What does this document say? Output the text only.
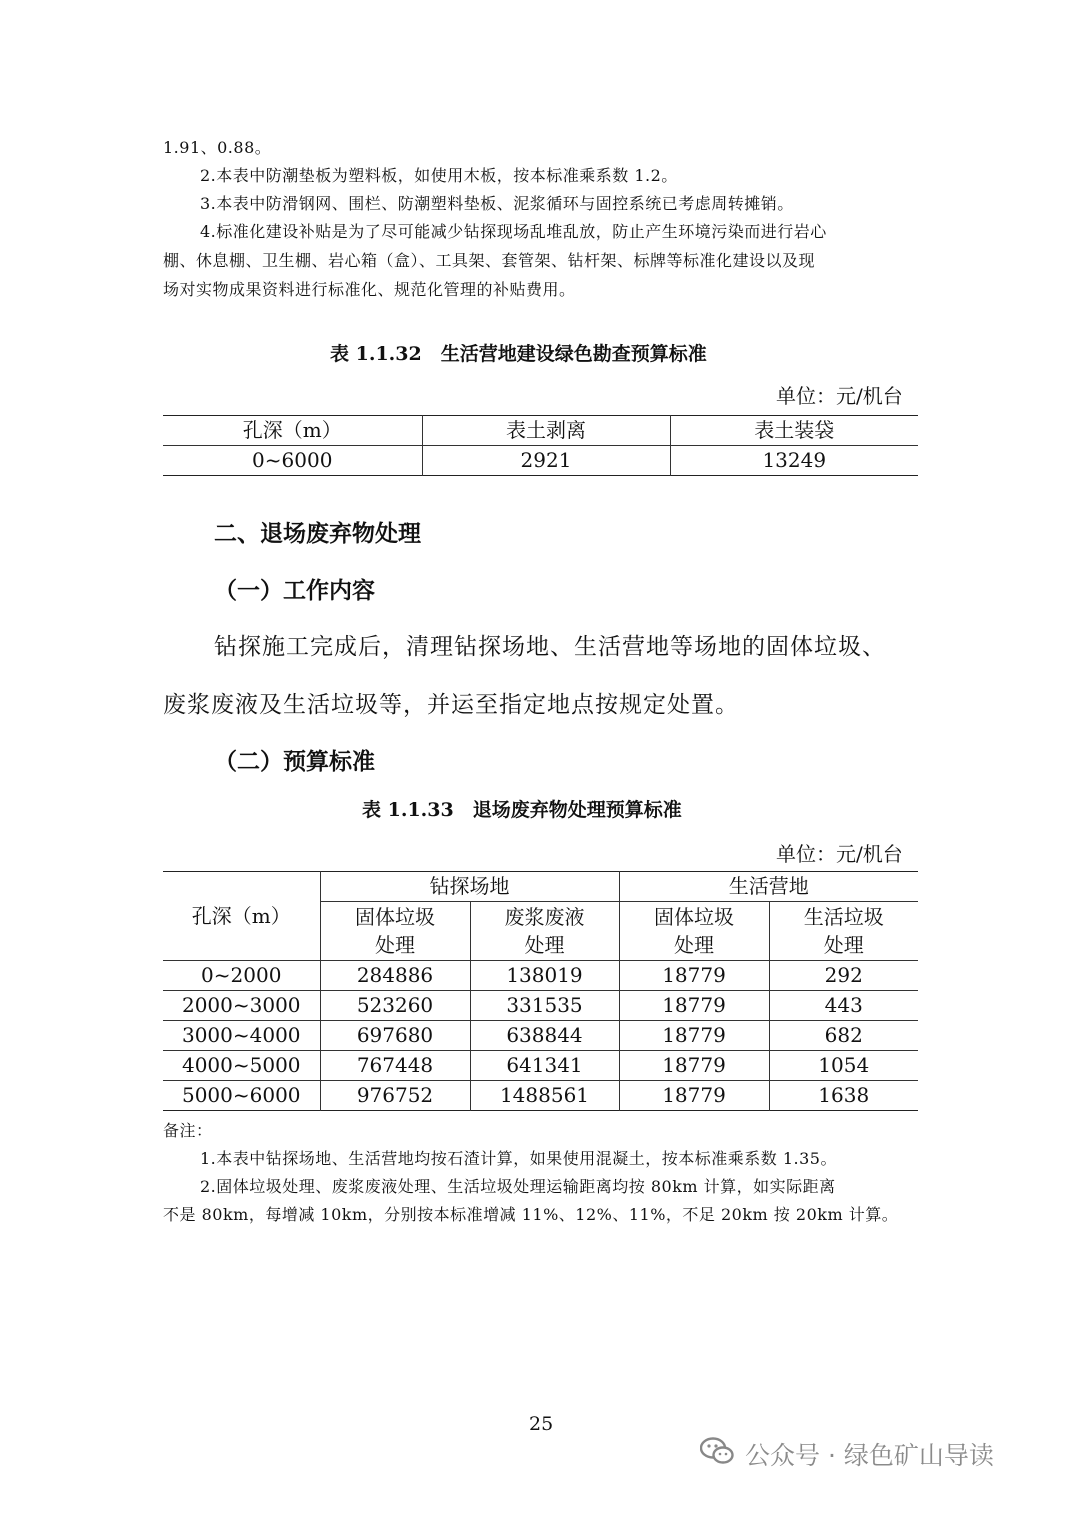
1.91、0.88。
2.本表中防潮垫板为塑料板，如使用木板，按本标准乘系数 1.2。
3.本表中防滑钢网、围栏、防潮塑料垫板、泥浆循环与固控系统已考虑周转摊销。
4.标准化建设补贴是为了尽可能减少钻探现场乱堆乱放，防止产生环境污染而进行岩心
棚、休息棚、卫生棚、岩心箱（盒）、工具架、套管架、钻杆架、标牌等标准化建设以及现
场对实物成果资料进行标准化、规范化管理的补贴费用。
表 1.1.32　生活营地建设绿色勘查预算标准
单位：元/机台
孔深（m）	表土剥离	表土装袋
0~6000	2921	13249
二、退场废弃物处理
（一）工作内容
钻探施工完成后，清理钻探场地、生活营地等场地的固体垃圾、
废浆废液及生活垃圾等，并运至指定地点按规定处置。
（二）预算标准
表 1.1.33　退场废弃物处理预算标准
单位：元/机台
孔深（m）	钻探场地		生活营地	
	固体垃圾
处理	废浆废液
处理	固体垃圾
处理	生活垃圾
处理
0~2000	284886	138019	18779	292
2000~3000	523260	331535	18779	443
3000~4000	697680	638844	18779	682
4000~5000	767448	641341	18779	1054
5000~6000	976752	1488561	18779	1638
备注：
1.本表中钻探场地、生活营地均按石渣计算，如果使用混凝土，按本标准乘系数 1.35。
2.固体垃圾处理、废浆废液处理、生活垃圾处理运输距离均按 80km 计算，如实际距离
不是 80km，每增减 10km，分别按本标准增减 11%、12%、11%，不足 20km 按 20km 计算。
25
公众号 · 绿色矿山导读
